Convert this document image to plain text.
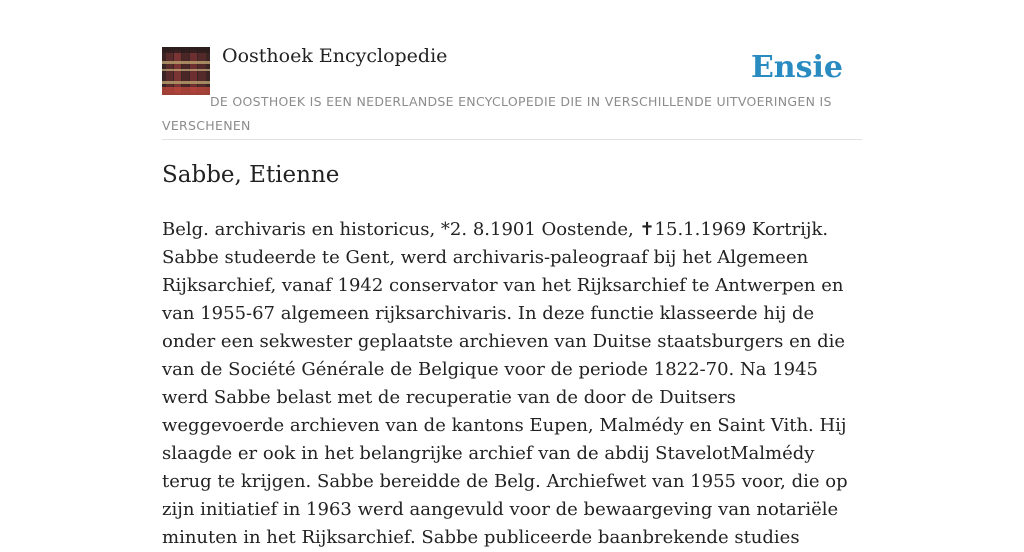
Oosthoek Encyclopedie	Ensie
DE OOSTHOEK IS EEN NEDERLANDSE ENCYCLOPEDIE DIE IN VERSCHILLENDE UITVOERINGEN IS VERSCHENEN
Sabbe, Etienne

Belg. archivaris en historicus, *2. 8.1901 Oostende, ✝15.1.1969 Kortrijk. Sabbe studeerde te Gent, werd archivaris-paleograaf bij het Algemeen Rijksarchief, vanaf 1942 conservator van het Rijksarchief te Antwerpen en van 1955-67 algemeen rijksarchivaris. In deze functie klasseerde hij de onder een sekwester geplaatste archieven van Duitse staatsburgers en die van de Société Générale de Belgique voor de periode 1822-70. Na 1945 werd Sabbe belast met de recuperatie van de door de Duitsers weggevoerde archieven van de kantons Eupen, Malmédy en Saint Vith. Hij slaagde er ook in het belangrijke archief van de abdij StavelotMalmédy terug te krijgen. Sabbe bereidde de Belg. Archiefwet van 1955 voor, die op zijn initiatief in 1963 werd aangevuld voor de bewaargeving van notariële minuten in het Rijksarchief. Sabbe publiceerde baanbrekende studies
